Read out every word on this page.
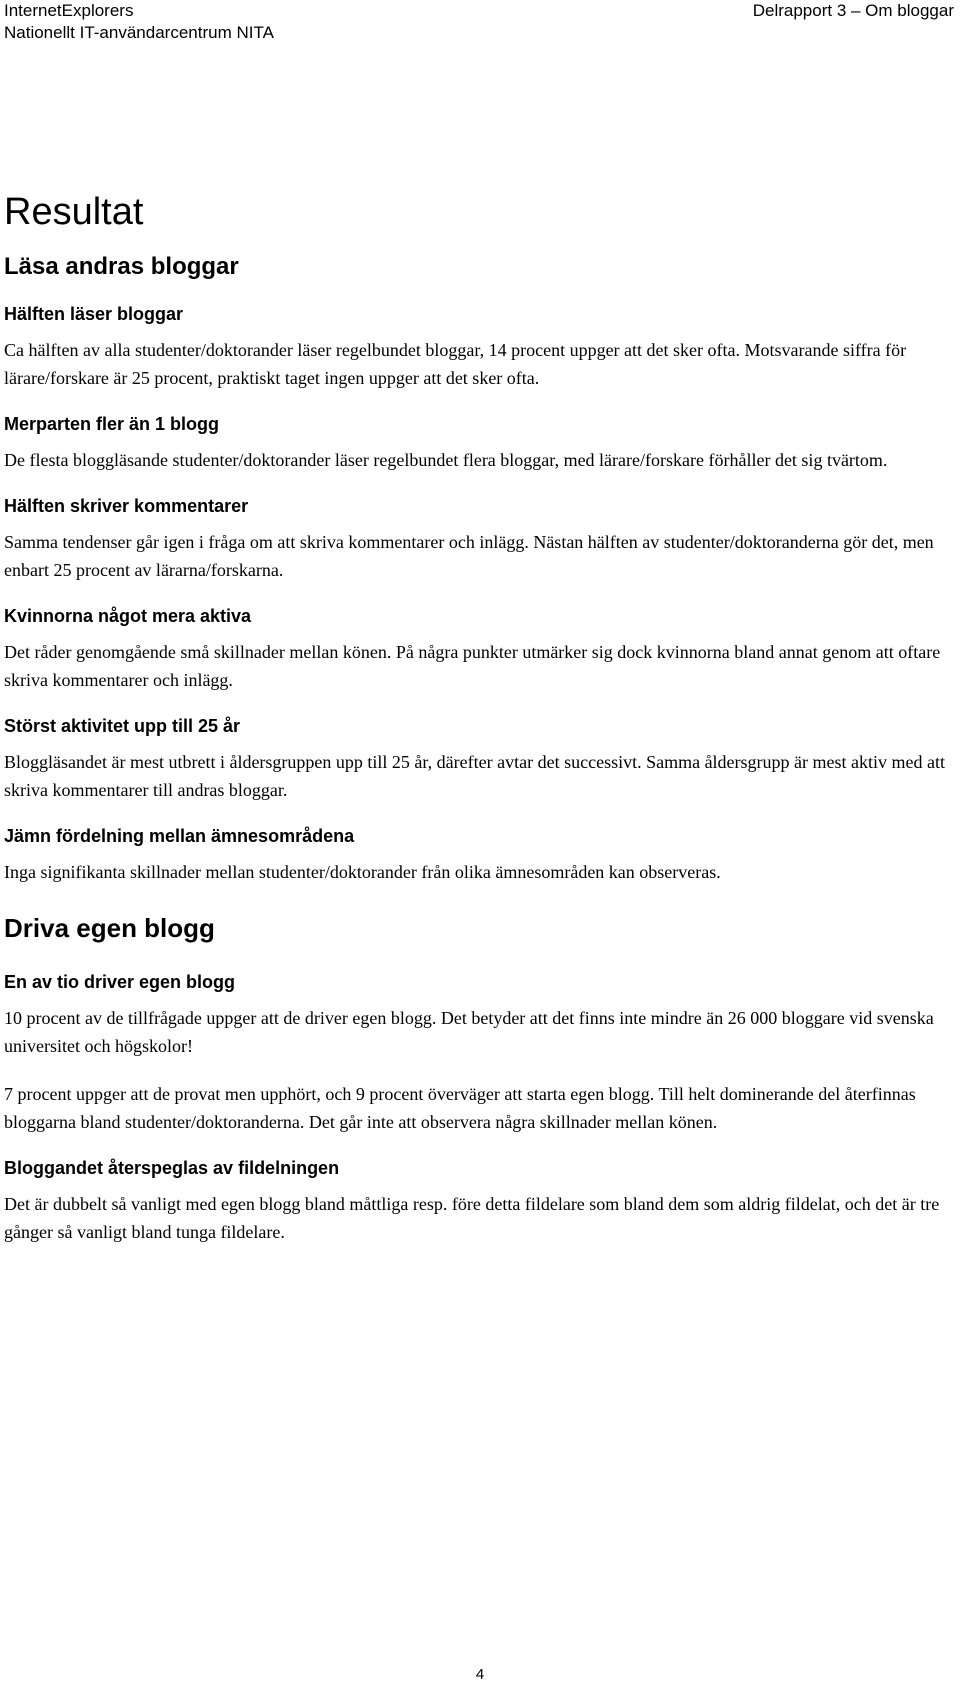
InternetExplorers
Nationellt IT-användarcentrum NITA
Delrapport 3 – Om bloggar
Resultat
Läsa andras bloggar
Hälften läser bloggar

Ca hälften av alla studenter/doktorander läser regelbundet bloggar, 14 procent uppger att det sker ofta. Motsvarande siffra för lärare/forskare är 25 procent, praktiskt taget ingen uppger att det sker ofta.

Merparten fler än 1 blogg

De flesta bloggläsande studenter/doktorander läser regelbundet flera bloggar, med lärare/forskare förhåller det sig tvärtom.

Hälften skriver kommentarer

Samma tendenser går igen i fråga om att skriva kommentarer och inlägg. Nästan hälften av studenter/doktoranderna gör det, men enbart 25 procent av lärarna/forskarna.

Kvinnorna något mera aktiva

Det råder genomgående små skillnader mellan könen. På några punkter utmärker sig dock kvinnorna bland annat genom att oftare skriva kommentarer och inlägg.

Störst aktivitet upp till 25 år

Bloggläsandet är mest utbrett i åldersgruppen upp till 25 år, därefter avtar det successivt. Samma åldersgrupp är mest aktiv med att skriva kommentarer till andras bloggar.

Jämn fördelning mellan ämnesområdena

Inga signifikanta skillnader mellan studenter/doktorander från olika ämnesområden kan observeras.

Driva egen blogg
En av tio driver egen blogg

10 procent av de tillfrågade uppger att de driver egen blogg. Det betyder att det finns inte mindre än 26 000 bloggare vid svenska universitet och högskolor!

7 procent uppger att de provat men upphört, och 9 procent överväger att starta egen blogg. Till helt dominerande del återfinnas bloggarna bland studenter/doktoranderna. Det går inte att observera några skillnader mellan könen.

Bloggandet återspeglas av fildelningen

Det är dubbelt så vanligt med egen blogg bland måttliga resp. före detta fildelare som bland dem som aldrig fildelat, och det är tre gånger så vanligt bland tunga fildelare.

4
